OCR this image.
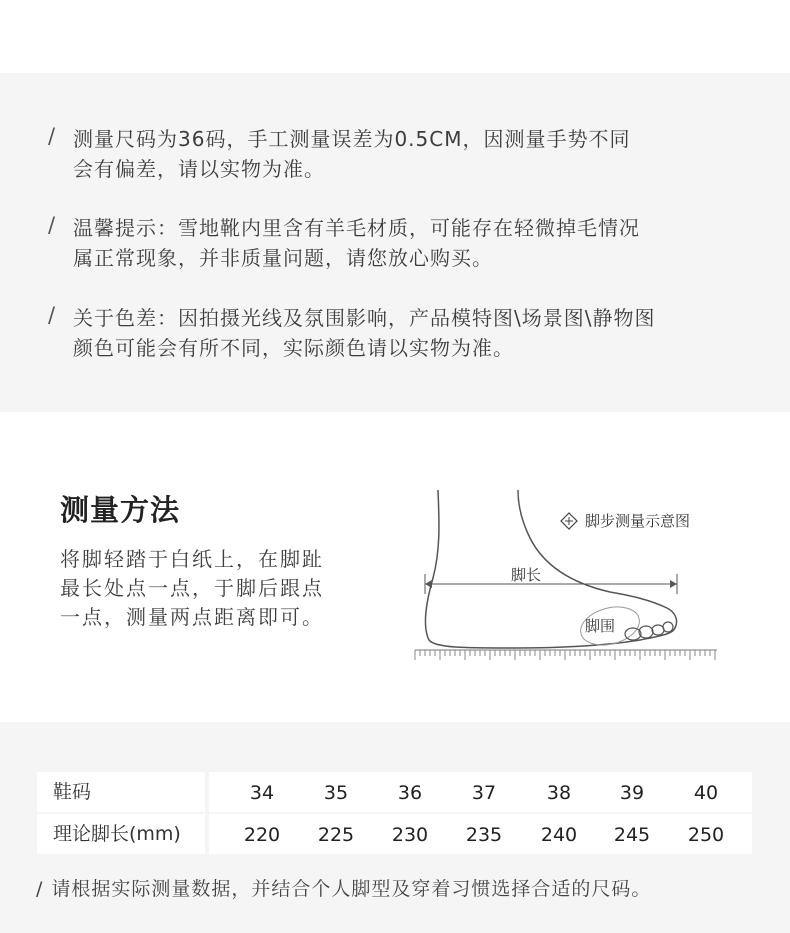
/ 测量尺码为36码，手工测量误差为0.5CM，因测量手势不同
会有偏差，请以实物为准。
/ 温馨提示：雪地靴内里含有羊毛材质，可能存在轻微掉毛情况
属正常现象，并非质量问题，请您放心购买。
/ 关于色差：因拍摄光线及氛围影响，产品模特图\场景图\静物图
颜色可能会有所不同，实际颜色请以实物为准。
测量方法
将脚轻踏于白纸上，在脚趾
最长处点一点，于脚后跟点
一点，测量两点距离即可。
脚长
脚围
脚步测量示意图
鞋码	34	35	36	37	38	39	40
理论脚长(mm)	220	225	230	235	240	245	250
/ 请根据实际测量数据，并结合个人脚型及穿着习惯选择合适的尺码。
